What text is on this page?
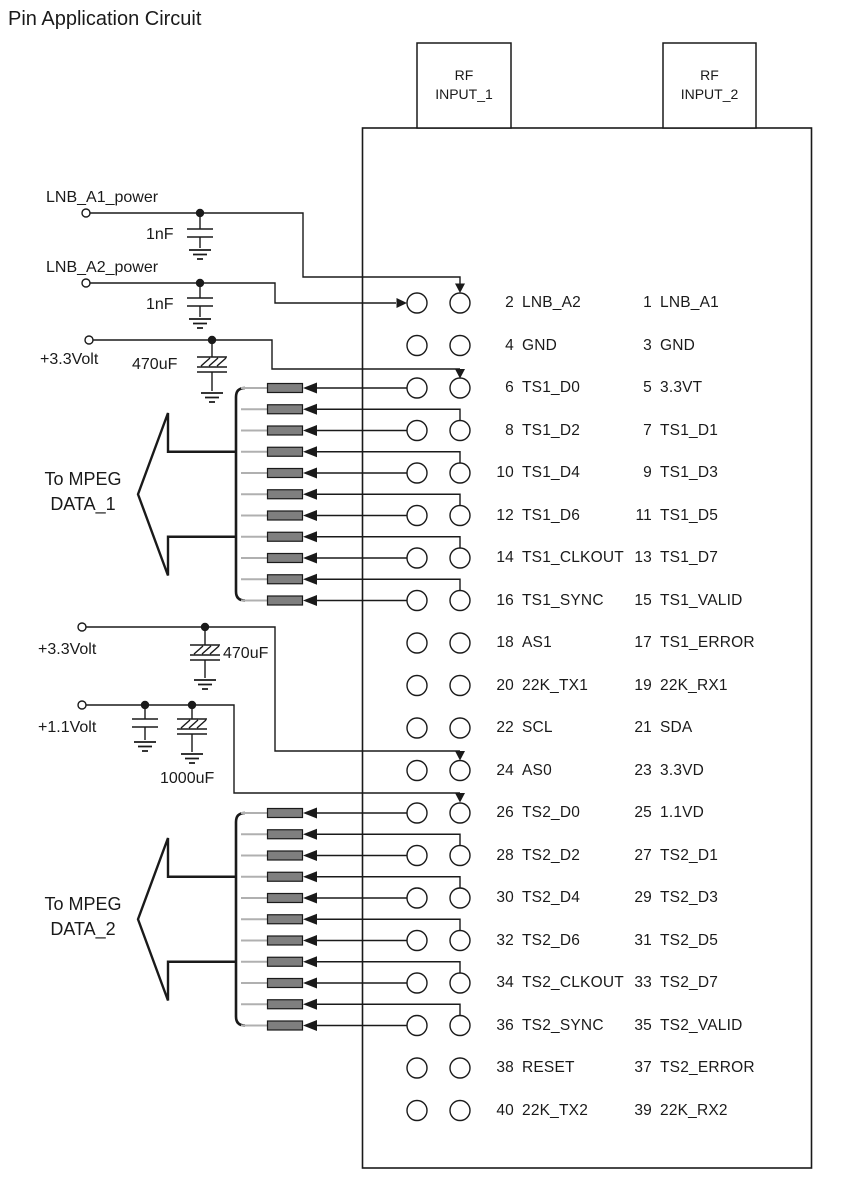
Pin Application Circuit
RF
INPUT_1
RF
INPUT_2
LNB_A1_power
1nF
LNB_A2_power
1nF
+3.3Volt 470uF
To MPEG
DATA_1
+3.3Volt	470uF
+1.1Volt
1000uF
To MPEG
DATA_2
2 LNB_A2	1 LNB_A1
4 GND	3 GND
6 TS1_D0	5 3.3VT
8 TS1_D2	7 TS1_D1
10 TS1_D4	9 TS1_D3
12 TS1_D6	11 TS1_D5
14 TS1_CLKOUT 13 TS1_D7
16 TS1_SYNC	15 TS1_VALID
18 AS1	17 TS1_ERROR
20 22K_TX1	19 22K_RX1
22 SCL	21 SDA
24 AS0	23 3.3VD
26 TS2_D0	25 1.1VD
28 TS2_D2	27 TS2_D1
30 TS2_D4	29 TS2_D3
32 TS2_D6	31 TS2_D5
34 TS2_CLKOUT 33 TS2_D7
36 TS2_SYNC	35 TS2_VALID
38 RESET	37 TS2_ERROR
40 22K_TX2	39 22K_RX2
